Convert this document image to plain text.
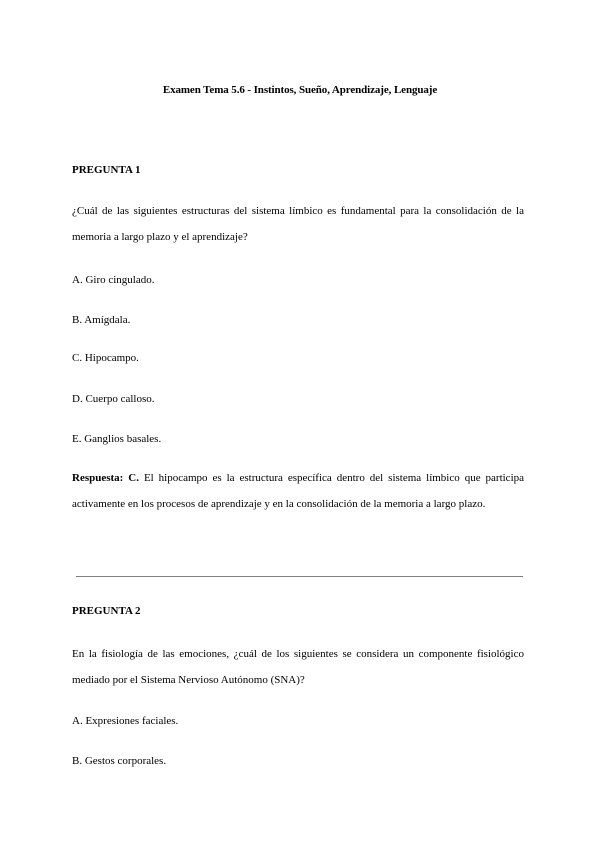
Examen Tema 5.6 - Instintos, Sueño, Aprendizaje, Lenguaje
PREGUNTA 1
¿Cuál de las siguientes estructuras del sistema límbico es fundamental para la consolidación de la memoria a largo plazo y el aprendizaje?
A. Giro cingulado.
B. Amígdala.
C. Hipocampo.
D. Cuerpo calloso.
E. Ganglios basales.
Respuesta: C. El hipocampo es la estructura específica dentro del sistema límbico que participa activamente en los procesos de aprendizaje y en la consolidación de la memoria a largo plazo.
PREGUNTA 2
En la fisiología de las emociones, ¿cuál de los siguientes se considera un componente fisiológico mediado por el Sistema Nervioso Autónomo (SNA)?
A. Expresiones faciales.
B. Gestos corporales.
